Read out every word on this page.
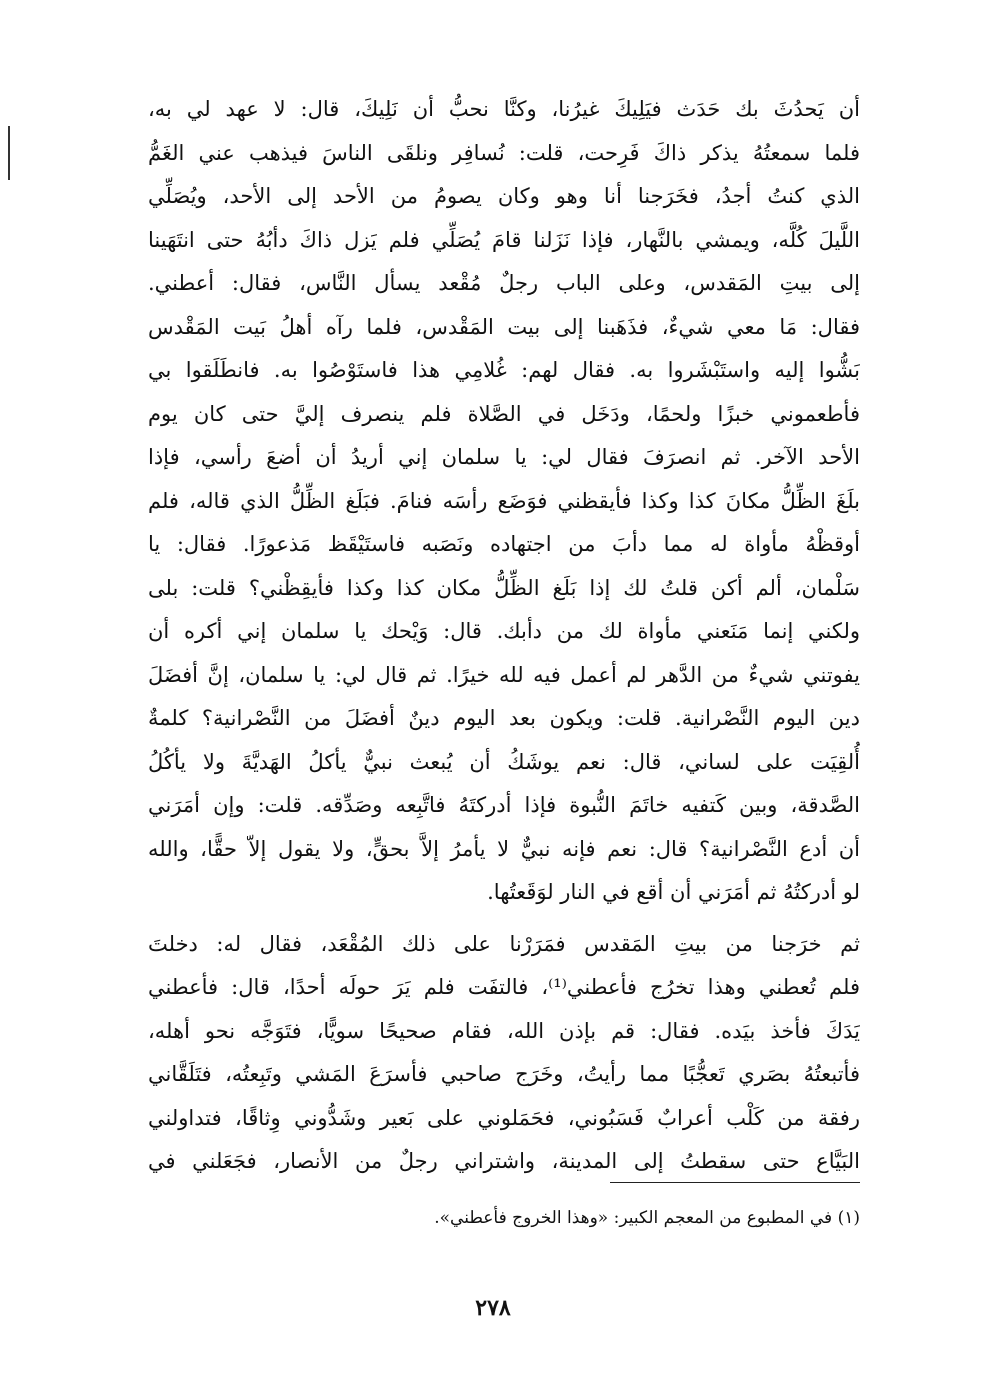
أن يَحدُثَ بك حَدَث فيَلِيكَ غيرُنا، وكنَّا نحبُّ أن نَلِيكَ، قال: لا عهد لي به،
فلما سمعتُهُ يذكر ذاكَ فَرِحت، قلت: نُسافِر ونلقَى الناسَ فيذهب عني الغَمُّ
الذي كنتُ أجدُ، فخَرَجنا أنا وهو وكان يصومُ من الأحد إلى الأحد، ويُصَلِّي
اللَّيلَ كُلَّه، ويمشي بالنَّهار، فإذا نَزَلنا قامَ يُصَلِّي فلم يَزل ذاكَ دأبُهُ حتى انتَهَينا
إلى بيتِ المَقدس، وعلى الباب رجلٌ مُقْعد يسأل النَّاس، فقال: أعطني.
فقال: مَا معي شيءٌ، فذَهَبنا إلى بيت المَقْدس، فلما رآه أهلُ بَيت المَقْدس
بَشُّوا إليه واستَبْشَروا به. فقال لهم: غُلامِي هذا فاستَوْصُوا به. فانطَلَقوا بي
فأطعموني خبزًا ولحمًا، ودَخَل في الصَّلاة فلم ينصرف إليَّ حتى كان يوم
الأحد الآخر. ثم انصرَفَ فقال لي: يا سلمان إني أريدُ أن أضعَ رأسي، فإذا
بلَغَ الظِّلُّ مكانَ كذا وكذا فأيقظني فوَضَع رأسَه فنامَ. فبَلَغ الظِّلُّ الذي قاله، فلم
أوقظْهُ مأواة له مما دأبَ من اجتهاده ونَصَبه فاستَيْقَظ مَذعورًا. فقال: يا
سَلْمان، ألم أكن قلتُ لك إذا بَلَغ الظِّلُّ مكان كذا وكذا فأيقِظْني؟ قلت: بلى
ولكني إنما مَنَعني مأواة لك من دأبك. قال: وَيْحك يا سلمان إني أكره أن
يفوتني شيءٌ من الدَّهر لم أعمل فيه لله خيرًا. ثم قال لي: يا سلمان، إنَّ أفضَلَ
دين اليوم النَّصْرانية. قلت: ويكون بعد اليوم دينٌ أفضَلَ من النَّصْرانية؟ كلمةٌ
أُلقِيَت على لساني، قال: نعم يوشَكُ أن يُبعث نبيٌّ يأكلُ الهَديَّةَ ولا يأكُلُ
الصَّدقة، وبين كَتفيه خاتَمَ النُّبوة فإذا أدركتَهُ فاتَّبِعه وصَدِّقه. قلت: وإن أمَرَني
أن أدع النَّصْرانية؟ قال: نعم فإنه نبيٌّ لا يأمرُ إلاَّ بحقٍّ، ولا يقول إلاّ حقًّا، والله
لو أدركتُهُ ثم أمَرَني أن أقع في النار لوَقَعتُها.
ثم خرَجنا من بيتِ المَقدس فمَرَرْنا على ذلك المُقْعَد، فقال له: دخلتَ
فلم تُعطني وهذا تخرُج فأعطني⁽¹⁾، فالتفَت فلم يَرَ حولَه أحدًا، قال: فأعطني
يَدَكَ فأخذ بيَده. فقال: قم بإذن الله، فقام صحيحًا سويًّا، فتَوَجَّه نحو أهله،
فأتبعتُهُ بصَري تَعجُّبًا مما رأيتُ، وخَرَج صاحبي فأسرَعَ المَشي وتَبِعتُه، فتَلَقَّاني
رفقة من كَلْب أعرابٌ فَسَبُوني، فحَمَلوني على بَعير وشَدُّوني وِثاقًا، فتداولني
البَيَّاع حتى سقطتُ إلى المدينة، واشتراني رجلٌ من الأنصار، فجَعَلني في
(١) في المطبوع من المعجم الكبير: «وهذا الخروج فأعطني».
٢٧٨
